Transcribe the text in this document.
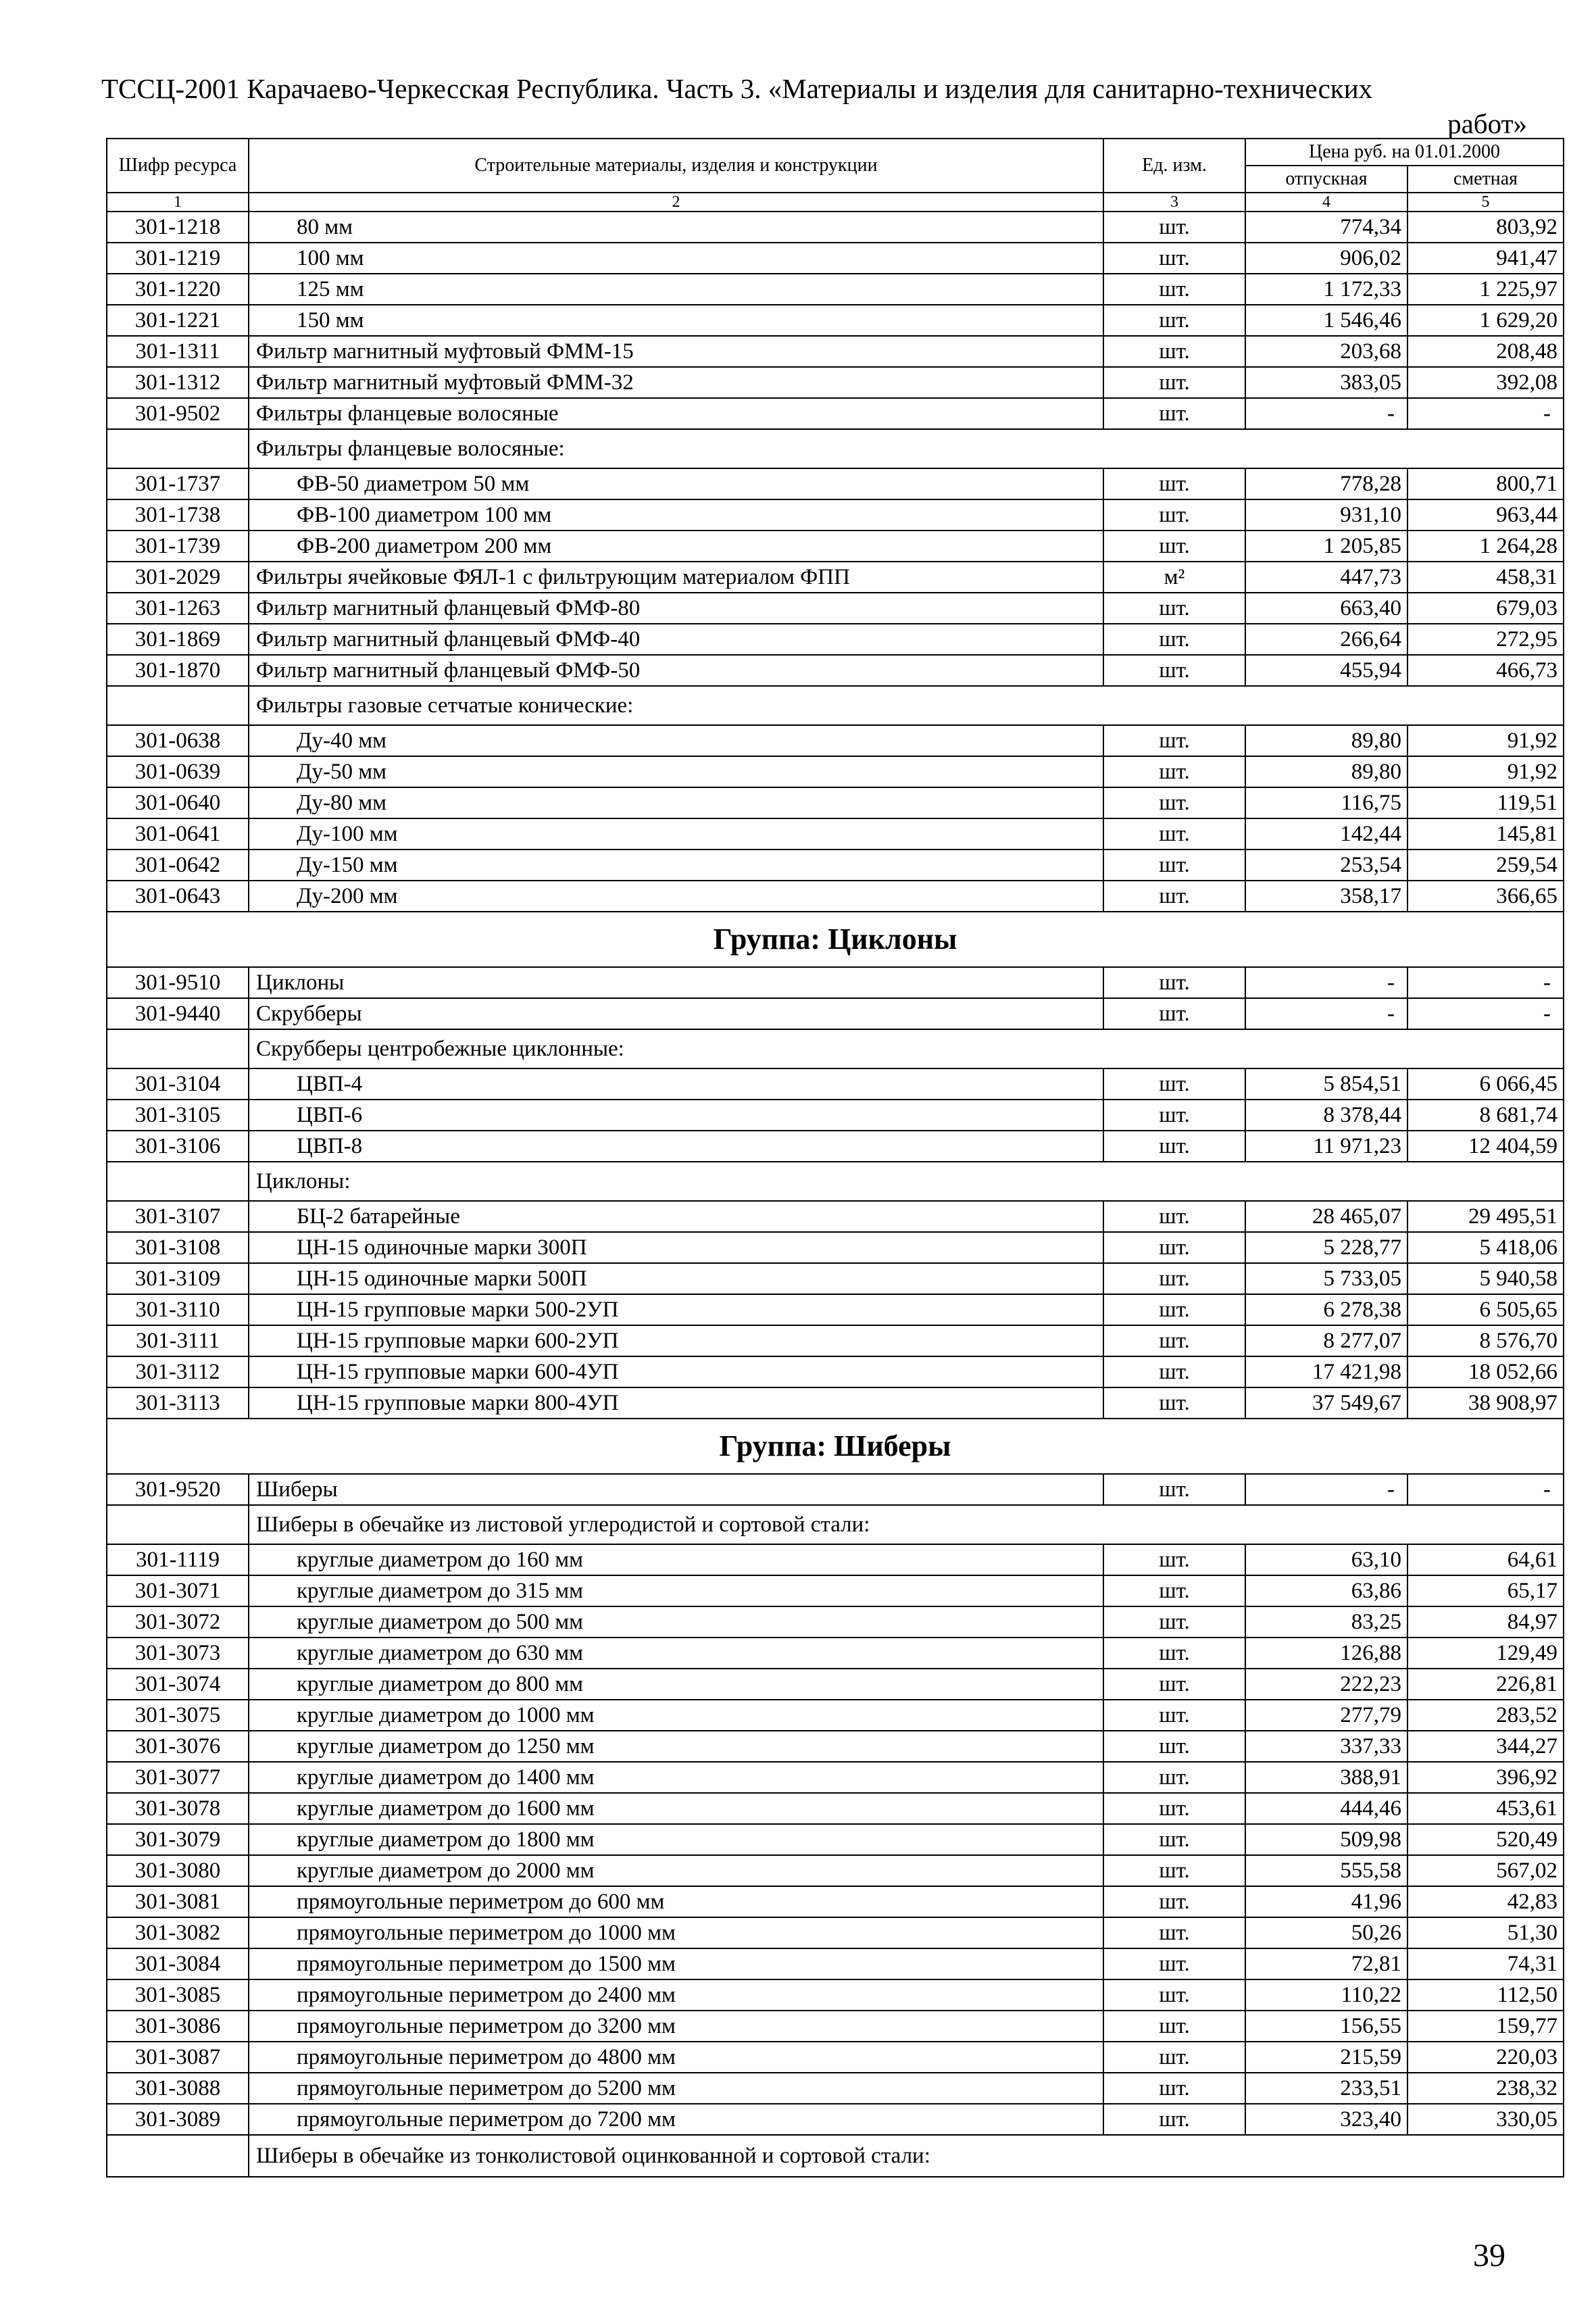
ТССЦ-2001 Карачаево-Черкесская Республика. Часть 3. «Материалы и изделия для санитарно-технических
работ»
Шифр ресурса	Строительные материалы, изделия и конструкции	Ед. изм.	Цена руб. на 01.01.2000	
			отпускная	сметная
1	2	3	4	5
301-1218	80 мм	шт.	774,34	803,92
301-1219	100 мм	шт.	906,02	941,47
301-1220	125 мм	шт.	1 172,33	1 225,97
301-1221	150 мм	шт.	1 546,46	1 629,20
301-1311	Фильтр магнитный муфтовый ФММ-15	шт.	203,68	208,48
301-1312	Фильтр магнитный муфтовый ФММ-32	шт.	383,05	392,08
301-9502	Фильтры фланцевые волосяные	шт.	-	-
	Фильтры фланцевые волосяные:			
301-1737	ФВ-50 диаметром 50 мм	шт.	778,28	800,71
301-1738	ФВ-100 диаметром 100 мм	шт.	931,10	963,44
301-1739	ФВ-200 диаметром 200 мм	шт.	1 205,85	1 264,28
301-2029	Фильтры ячейковые ФЯЛ-1 с фильтрующим материалом ФПП	м²	447,73	458,31
301-1263	Фильтр магнитный фланцевый ФМФ-80	шт.	663,40	679,03
301-1869	Фильтр магнитный фланцевый ФМФ-40	шт.	266,64	272,95
301-1870	Фильтр магнитный фланцевый ФМФ-50	шт.	455,94	466,73
	Фильтры газовые сетчатые конические:			
301-0638	Ду-40 мм	шт.	89,80	91,92
301-0639	Ду-50 мм	шт.	89,80	91,92
301-0640	Ду-80 мм	шт.	116,75	119,51
301-0641	Ду-100 мм	шт.	142,44	145,81
301-0642	Ду-150 мм	шт.	253,54	259,54
301-0643	Ду-200 мм	шт.	358,17	366,65
Группа: Циклоны				
301-9510	Циклоны	шт.	-	-
301-9440	Скрубберы	шт.	-	-
	Скрубберы центробежные циклонные:			
301-3104	ЦВП-4	шт.	5 854,51	6 066,45
301-3105	ЦВП-6	шт.	8 378,44	8 681,74
301-3106	ЦВП-8	шт.	11 971,23	12 404,59
	Циклоны:			
301-3107	БЦ-2 батарейные	шт.	28 465,07	29 495,51
301-3108	ЦН-15 одиночные марки 300П	шт.	5 228,77	5 418,06
301-3109	ЦН-15 одиночные марки 500П	шт.	5 733,05	5 940,58
301-3110	ЦН-15 групповые марки 500-2УП	шт.	6 278,38	6 505,65
301-3111	ЦН-15 групповые марки 600-2УП	шт.	8 277,07	8 576,70
301-3112	ЦН-15 групповые марки 600-4УП	шт.	17 421,98	18 052,66
301-3113	ЦН-15 групповые марки 800-4УП	шт.	37 549,67	38 908,97
Группа: Шиберы				
301-9520	Шиберы	шт.	-	-
	Шиберы в обечайке из листовой углеродистой и сортовой стали:			
301-1119	круглые диаметром до 160 мм	шт.	63,10	64,61
301-3071	круглые диаметром до 315 мм	шт.	63,86	65,17
301-3072	круглые диаметром до 500 мм	шт.	83,25	84,97
301-3073	круглые диаметром до 630 мм	шт.	126,88	129,49
301-3074	круглые диаметром до 800 мм	шт.	222,23	226,81
301-3075	круглые диаметром до 1000 мм	шт.	277,79	283,52
301-3076	круглые диаметром до 1250 мм	шт.	337,33	344,27
301-3077	круглые диаметром до 1400 мм	шт.	388,91	396,92
301-3078	круглые диаметром до 1600 мм	шт.	444,46	453,61
301-3079	круглые диаметром до 1800 мм	шт.	509,98	520,49
301-3080	круглые диаметром до 2000 мм	шт.	555,58	567,02
301-3081	прямоугольные периметром до 600 мм	шт.	41,96	42,83
301-3082	прямоугольные периметром до 1000 мм	шт.	50,26	51,30
301-3084	прямоугольные периметром до 1500 мм	шт.	72,81	74,31
301-3085	прямоугольные периметром до 2400 мм	шт.	110,22	112,50
301-3086	прямоугольные периметром до 3200 мм	шт.	156,55	159,77
301-3087	прямоугольные периметром до 4800 мм	шт.	215,59	220,03
301-3088	прямоугольные периметром до 5200 мм	шт.	233,51	238,32
301-3089	прямоугольные периметром до 7200 мм	шт.	323,40	330,05
	Шиберы в обечайке из тонколистовой оцинкованной и сортовой стали:			
39
